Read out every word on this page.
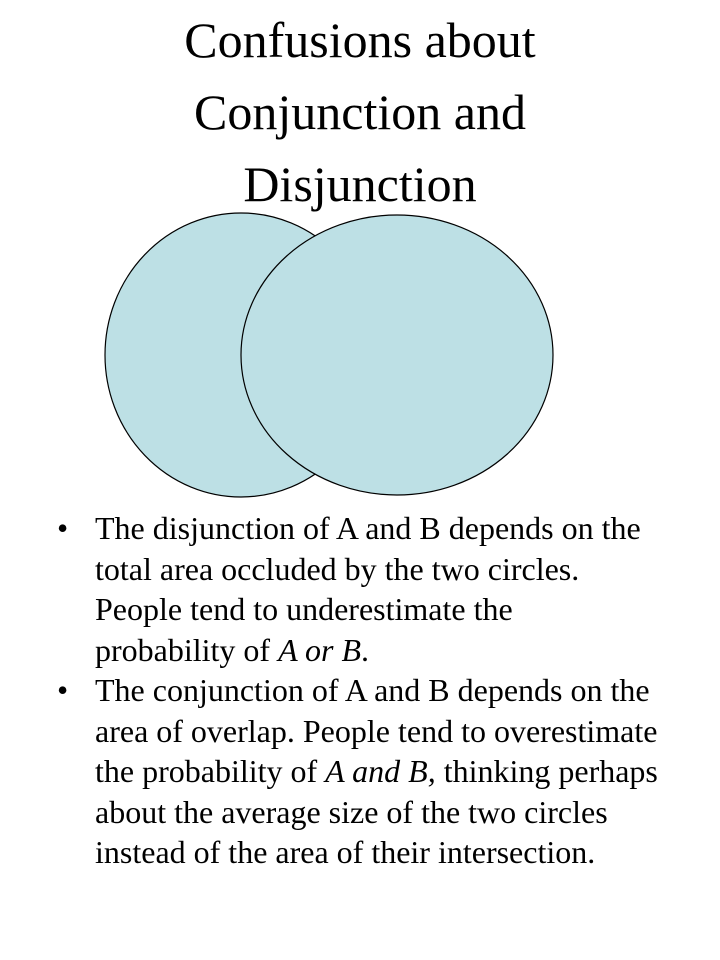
Confusions about
Conjunction and
Disjunction
• The disjunction of A and B depends on the total area occluded by the two circles. People tend to underestimate the probability of A or B.
• The conjunction of A and B depends on the area of overlap. People tend to overestimate the probability of A and B, thinking perhaps about the average size of the two circles instead of the area of their intersection.
